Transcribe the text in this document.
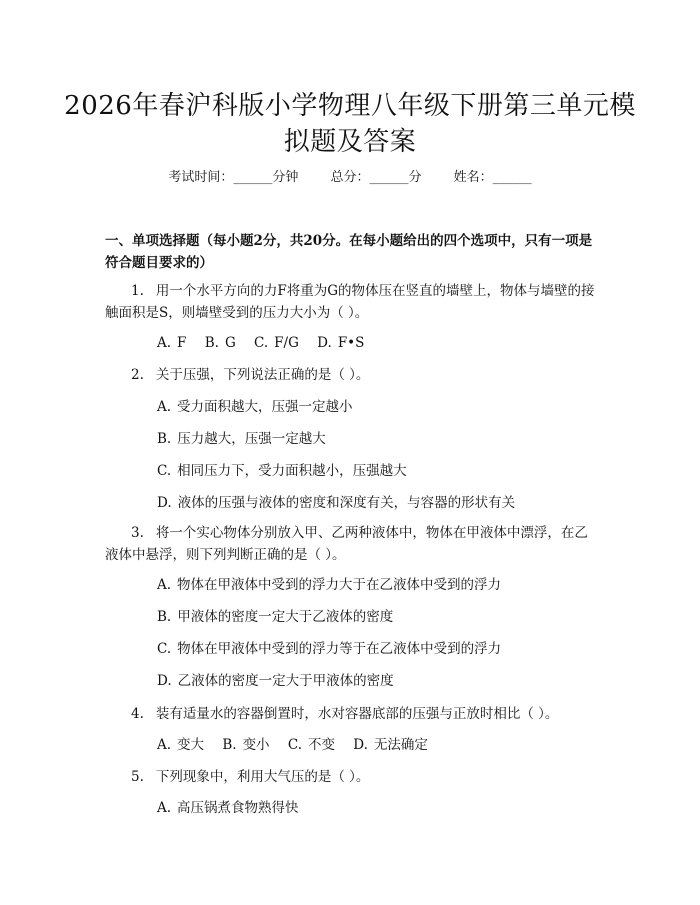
2026年春沪科版小学物理八年级下册第三单元模拟题及答案
考试时间：______分钟 总分：______分 姓名：______

一、单项选择题（每小题2分，共20分。在每小题给出的四个选项中，只有一项是符合题目要求的）

1. 用一个水平方向的力F将重为G的物体压在竖直的墙壁上，物体与墙壁的接触面积是S，则墙壁受到的压力大小为（ ）。

A. F B. G C. F/G D. F•S

2. 关于压强，下列说法正确的是（ ）。

A. 受力面积越大，压强一定越小

B. 压力越大，压强一定越大

C. 相同压力下，受力面积越小，压强越大

D. 液体的压强与液体的密度和深度有关，与容器的形状有关

3. 将一个实心物体分别放入甲、乙两种液体中，物体在甲液体中漂浮，在乙液体中悬浮，则下列判断正确的是（ ）。

A. 物体在甲液体中受到的浮力大于在乙液体中受到的浮力

B. 甲液体的密度一定大于乙液体的密度

C. 物体在甲液体中受到的浮力等于在乙液体中受到的浮力

D. 乙液体的密度一定大于甲液体的密度

4. 装有适量水的容器倒置时，水对容器底部的压强与正放时相比（ ）。

A. 变大 B. 变小 C. 不变 D. 无法确定

5. 下列现象中，利用大气压的是（ ）。

A. 高压锅煮食物熟得快
